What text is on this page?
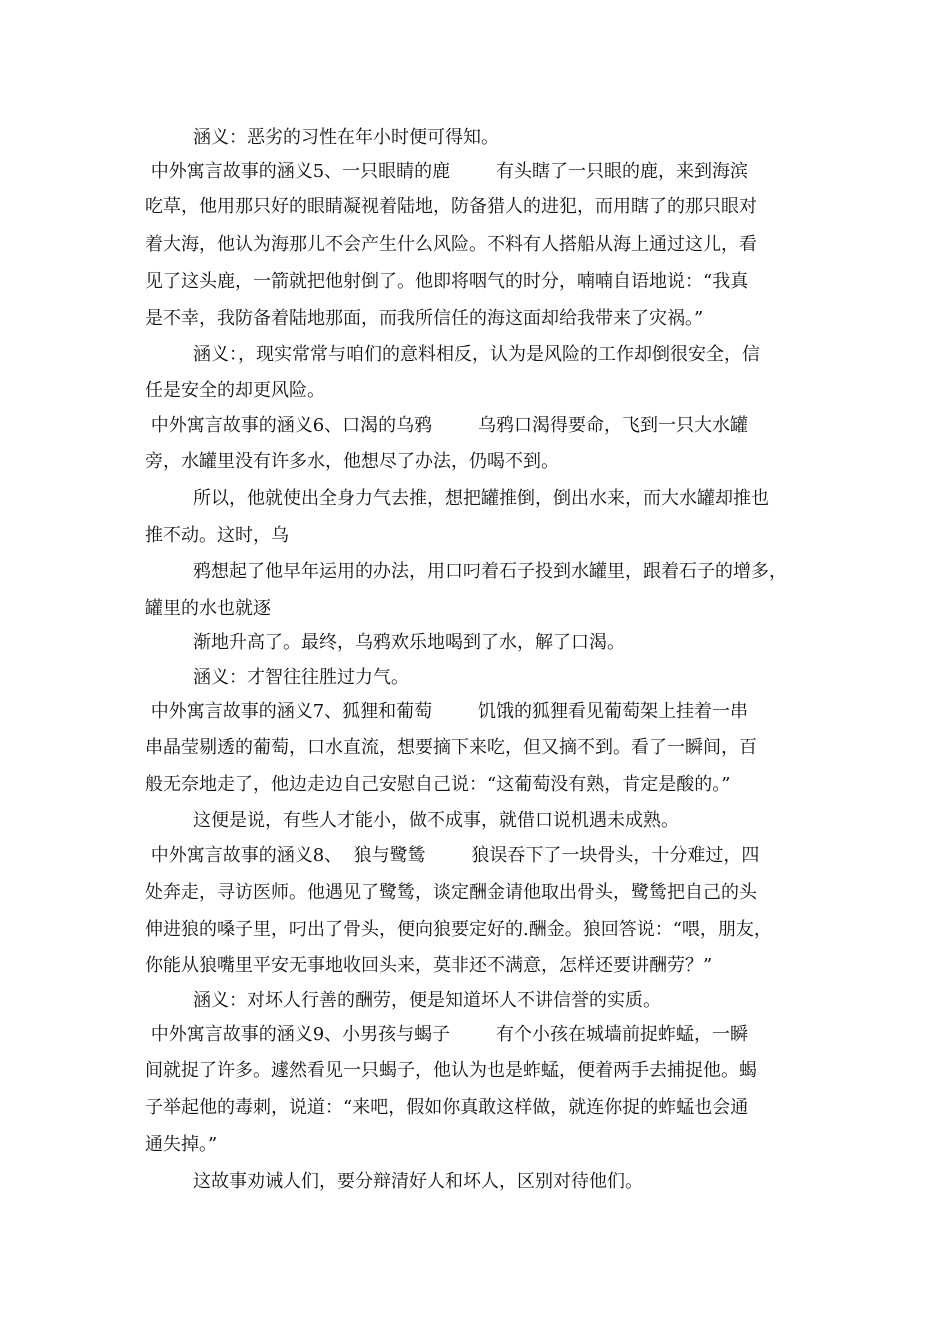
涵义：恶劣的习性在年小时便可得知。
中外寓言故事的涵义5、一只眼睛的鹿        有头瞎了一只眼的鹿，来到海滨
吃草，他用那只好的眼睛凝视着陆地，防备猎人的进犯，而用瞎了的那只眼对
着大海，他认为海那儿不会产生什么风险。不料有人搭船从海上通过这儿，看
见了这头鹿，一箭就把他射倒了。他即将咽气的时分，喃喃自语地说：“我真
是不幸，我防备着陆地那面，而我所信任的海这面却给我带来了灾祸。”
涵义：，现实常常与咱们的意料相反，认为是风险的工作却倒很安全，信
任是安全的却更风险。
中外寓言故事的涵义6、口渴的乌鸦        乌鸦口渴得要命，飞到一只大水罐
旁，水罐里没有许多水，他想尽了办法，仍喝不到。
所以，他就使出全身力气去推，想把罐推倒，倒出水来，而大水罐却推也
推不动。这时，乌
鸦想起了他早年运用的办法，用口叼着石子投到水罐里，跟着石子的增多，
罐里的水也就逐
渐地升高了。最终，乌鸦欢乐地喝到了水，解了口渴。
涵义：才智往往胜过力气。
中外寓言故事的涵义7、狐狸和葡萄        饥饿的狐狸看见葡萄架上挂着一串
串晶莹剔透的葡萄，口水直流，想要摘下来吃，但又摘不到。看了一瞬间，百
般无奈地走了，他边走边自己安慰自己说：“这葡萄没有熟，肯定是酸的。”
这便是说，有些人才能小，做不成事，就借口说机遇未成熟。
中外寓言故事的涵义8、  狼与鹭鸶        狼误吞下了一块骨头，十分难过，四
处奔走，寻访医师。他遇见了鹭鸶，谈定酬金请他取出骨头，鹭鸶把自己的头
伸进狼的嗓子里，叼出了骨头，便向狼要定好的.酬金。狼回答说：“喂，朋友，
你能从狼嘴里平安无事地收回头来，莫非还不满意，怎样还要讲酬劳？”
涵义：对坏人行善的酬劳，便是知道坏人不讲信誉的实质。
中外寓言故事的涵义9、小男孩与蝎子        有个小孩在城墙前捉蚱蜢，一瞬
间就捉了许多。遽然看见一只蝎子，他认为也是蚱蜢，便着两手去捕捉他。蝎
子举起他的毒刺，说道：“来吧，假如你真敢这样做，就连你捉的蚱蜢也会通
通失掉。”
这故事劝诫人们，要分辩清好人和坏人，区别对待他们。
